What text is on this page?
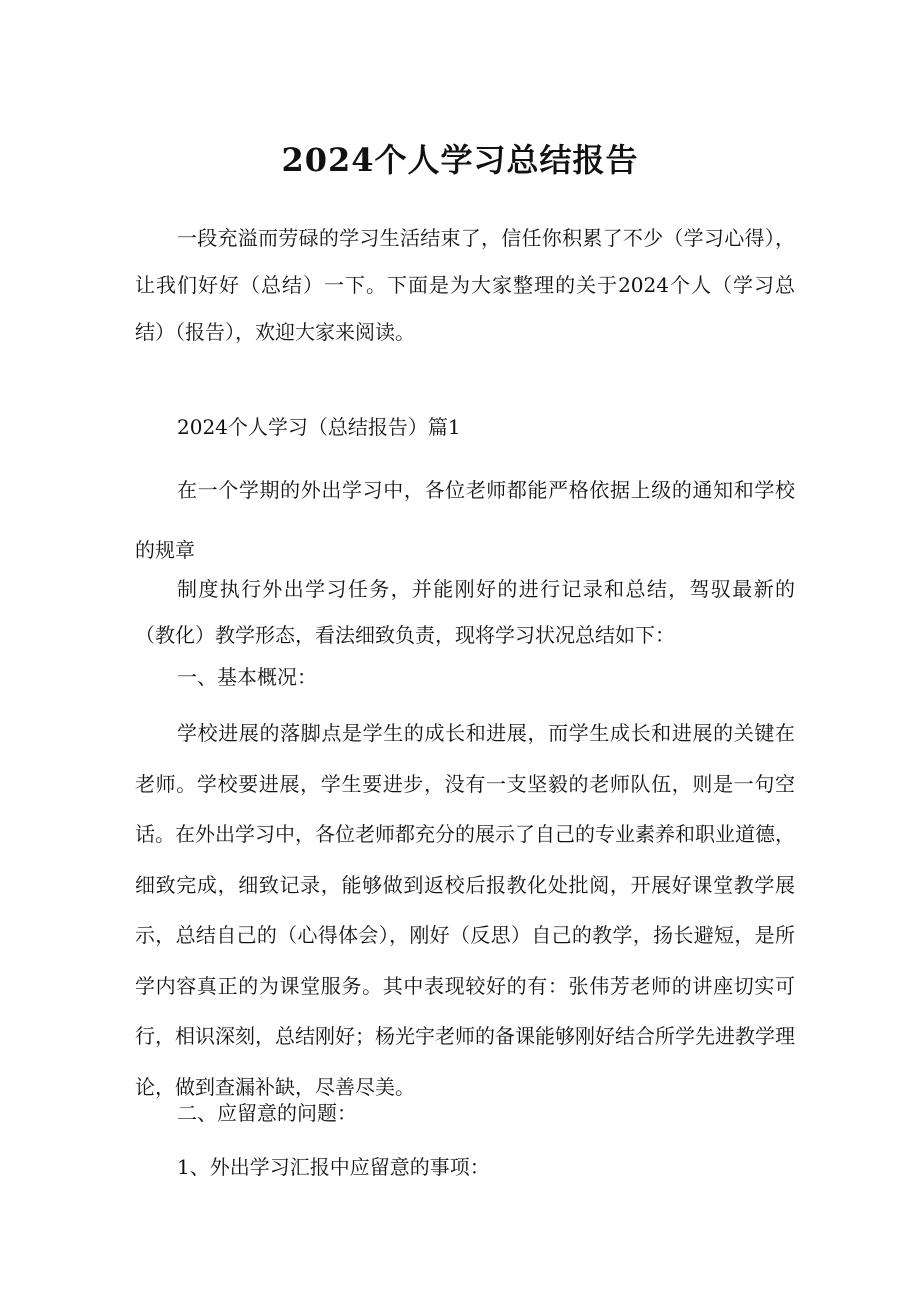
2024个人学习总结报告

一段充溢而劳碌的学习生活结束了，信任你积累了不少（学习心得），让我们好好（总结）一下。下面是为大家整理的关于2024个人（学习总结）（报告），欢迎大家来阅读。

2024个人学习（总结报告）篇1

在一个学期的外出学习中，各位老师都能严格依据上级的通知和学校的规章

制度执行外出学习任务，并能刚好的进行记录和总结，驾驭最新的（教化）教学形态，看法细致负责，现将学习状况总结如下：

一、基本概况：

学校进展的落脚点是学生的成长和进展，而学生成长和进展的关键在老师。学校要进展，学生要进步，没有一支坚毅的老师队伍，则是一句空话。在外出学习中，各位老师都充分的展示了自己的专业素养和职业道德，细致完成，细致记录，能够做到返校后报教化处批阅，开展好课堂教学展示，总结自己的（心得体会），刚好（反思）自己的教学，扬长避短，是所学内容真正的为课堂服务。其中表现较好的有：张伟芳老师的讲座切实可行，相识深刻，总结刚好；杨光宇老师的备课能够刚好结合所学先进教学理论，做到查漏补缺，尽善尽美。

二、应留意的问题：

1、外出学习汇报中应留意的事项：
